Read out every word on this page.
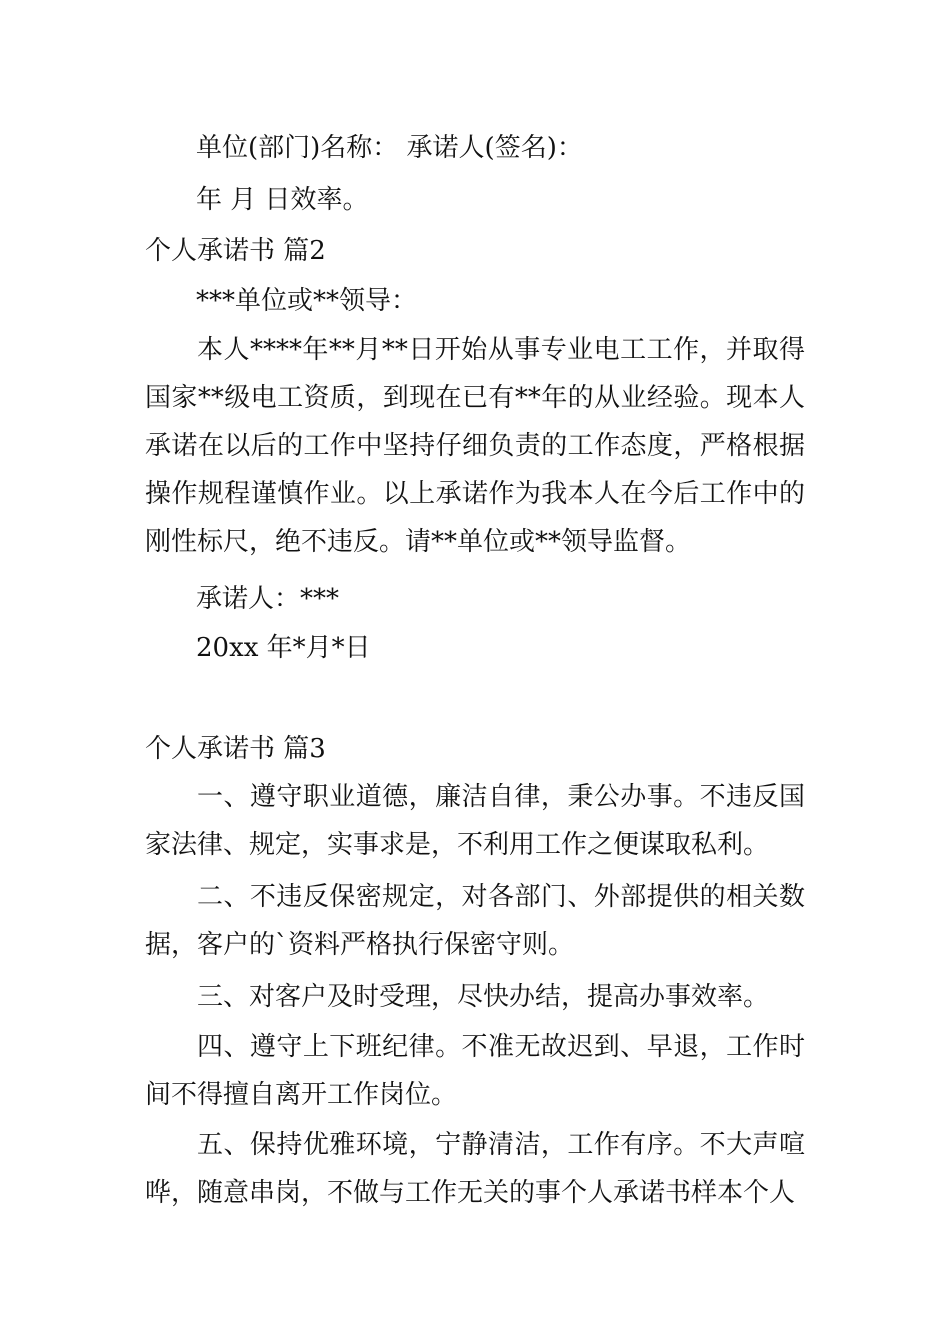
单位(部门)名称： 承诺人(签名)：
年 月 日效率。
个人承诺书 篇2
***单位或**领导：
本人****年**月**日开始从事专业电工工作，并取得国家**级电工资质，到现在已有**年的从业经验。现本人承诺在以后的工作中坚持仔细负责的工作态度，严格根据操作规程谨慎作业。以上承诺作为我本人在今后工作中的刚性标尺，绝不违反。请**单位或**领导监督。
承诺人：***
20xx 年*月*日
个人承诺书 篇3
一、遵守职业道德，廉洁自律，秉公办事。不违反国家法律、规定，实事求是，不利用工作之便谋取私利。
二、不违反保密规定，对各部门、外部提供的相关数据，客户的`资料严格执行保密守则。
三、对客户及时受理，尽快办结，提高办事效率。
四、遵守上下班纪律。不准无故迟到、早退，工作时间不得擅自离开工作岗位。
五、保持优雅环境，宁静清洁，工作有序。不大声喧哗，随意串岗，不做与工作无关的事个人承诺书样本个人
